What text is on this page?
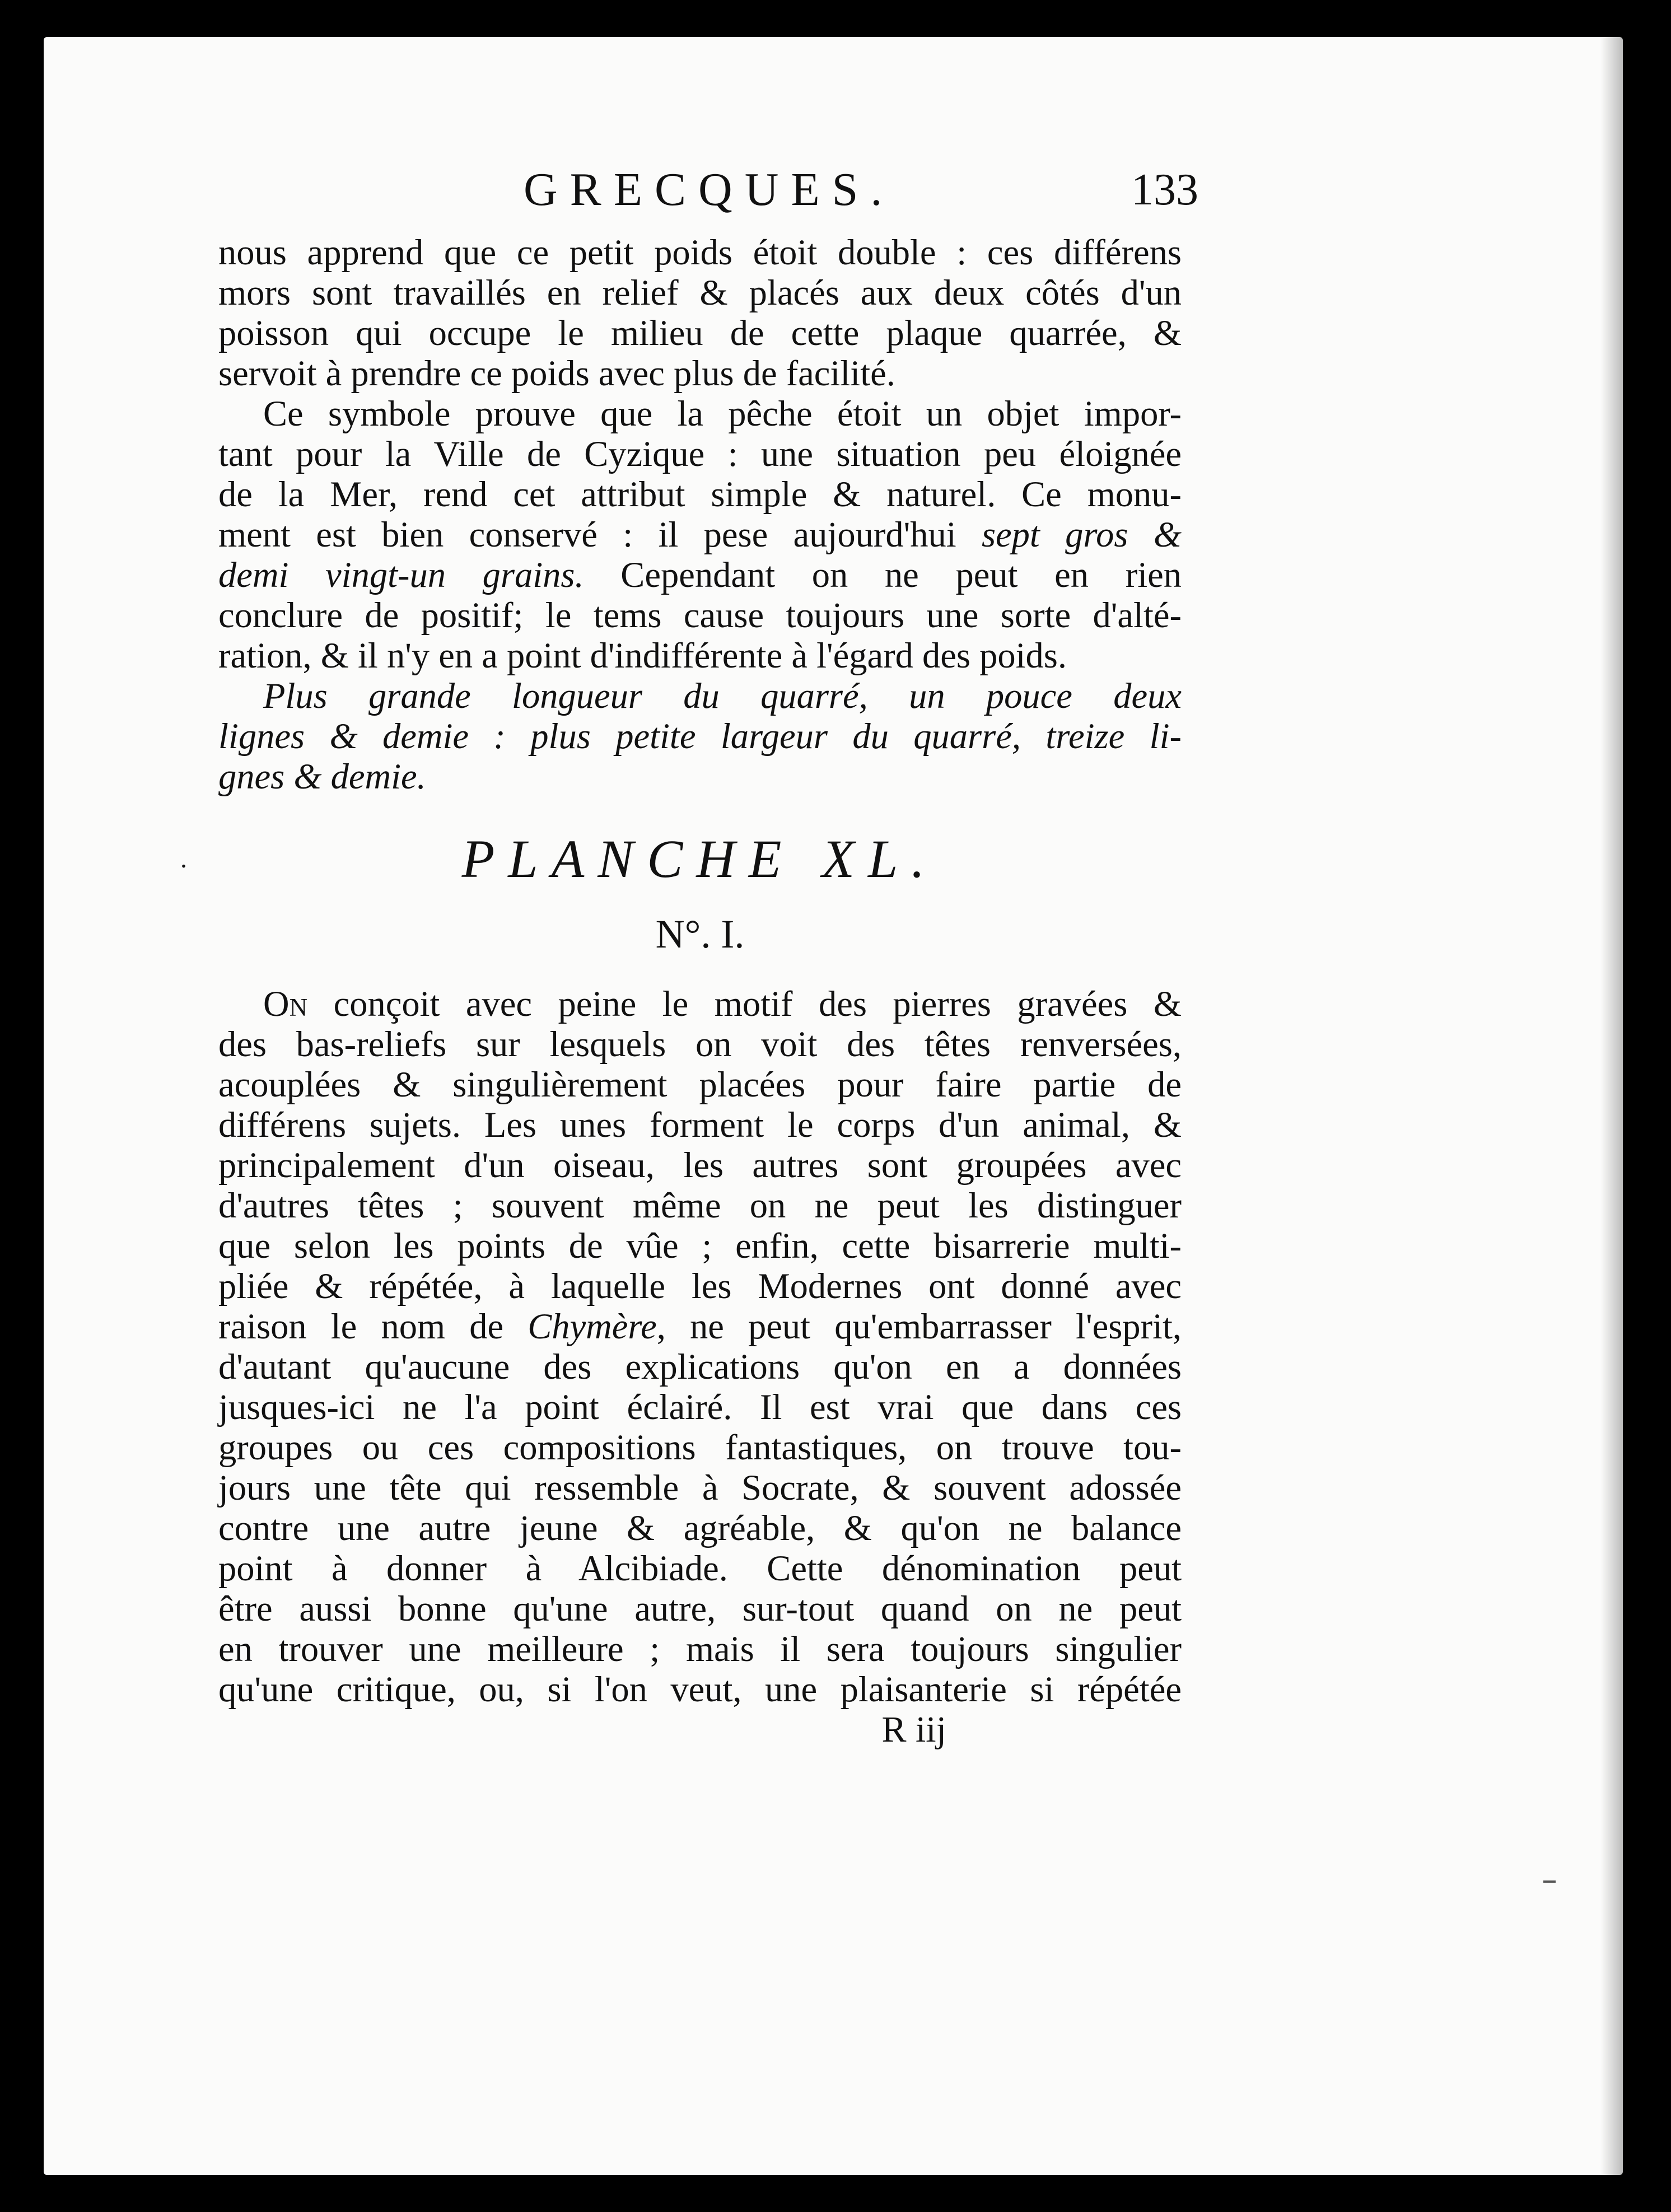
GRECQUES.	133
nous apprend que ce petit poids étoit double : ces différens
mors sont travaillés en relief & placés aux deux côtés d'un
poisson qui occupe le milieu de cette plaque quarrée, &
servoit à prendre ce poids avec plus de facilité.
Ce symbole prouve que la pêche étoit un objet impor-
tant pour la Ville de Cyzique : une situation peu éloignée
de la Mer, rend cet attribut simple & naturel. Ce monu-
ment est bien conservé : il pese aujourd'hui sept gros &
demi vingt-un grains. Cependant on ne peut en rien
conclure de positif; le tems cause toujours une sorte d'alté-
ration, & il n'y en a point d'indifférente à l'égard des poids.
Plus grande longueur du quarré, un pouce deux
lignes & demie : plus petite largeur du quarré, treize li-
gnes & demie.
.	PLANCHE XL.
N°. I.
On conçoit avec peine le motif des pierres gravées &
des bas-reliefs sur lesquels on voit des têtes renversées,
acouplées & singulièrement placées pour faire partie de
différens sujets. Les unes forment le corps d'un animal, &
principalement d'un oiseau, les autres sont groupées avec
d'autres têtes ; souvent même on ne peut les distinguer
que selon les points de vûe ; enfin, cette bisarrerie multi-
pliée & répétée, à laquelle les Modernes ont donné avec
raison le nom de Chymère, ne peut qu'embarrasser l'esprit,
d'autant qu'aucune des explications qu'on en a données
jusques-ici ne l'a point éclairé. Il est vrai que dans ces
groupes ou ces compositions fantastiques, on trouve tou-
jours une tête qui ressemble à Socrate, & souvent adossée
contre une autre jeune & agréable, & qu'on ne balance
point à donner à Alcibiade. Cette dénomination peut
être aussi bonne qu'une autre, sur-tout quand on ne peut
en trouver une meilleure ; mais il sera toujours singulier
qu'une critique, ou, si l'on veut, une plaisanterie si répétée
R iij
